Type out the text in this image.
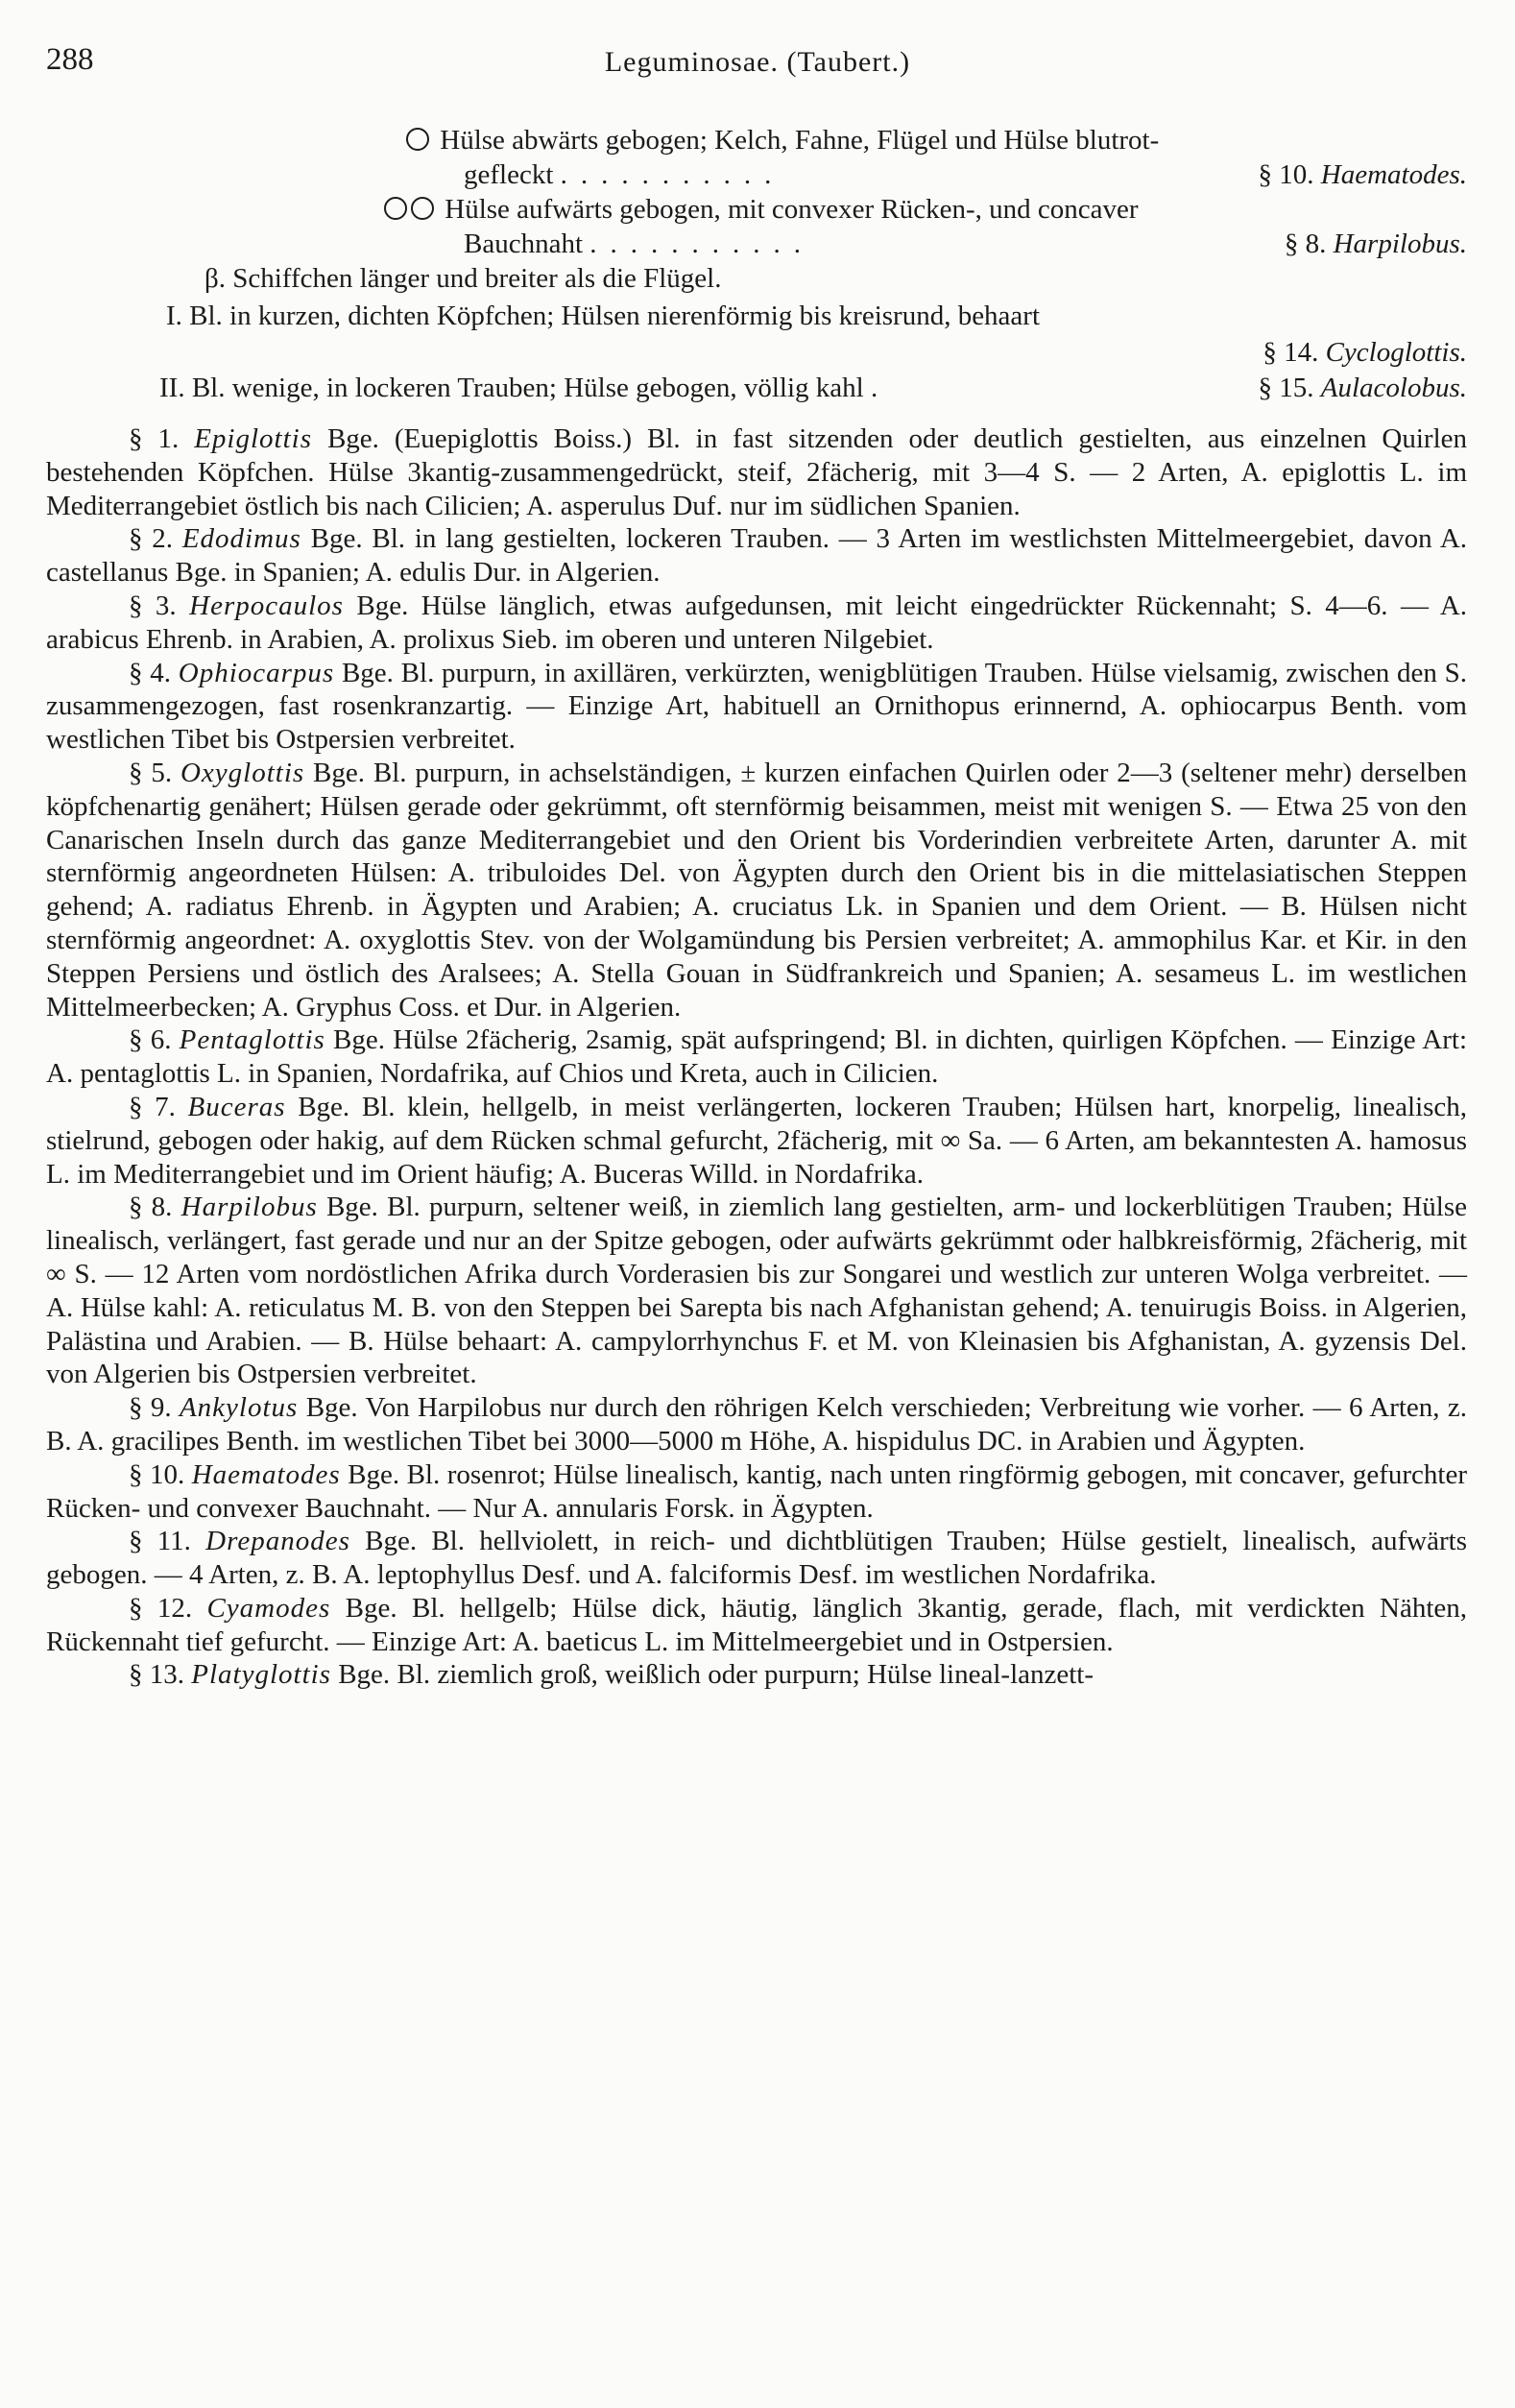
288	Leguminosae. (Taubert.)
Hülse abwärts gebogen; Kelch, Fahne, Flügel und Hülse blutrot-
gefleckt ...........	§ 10. Haematodes.
Hülse aufwärts gebogen, mit convexer Rücken-, und concaver
Bauchnaht ...........	§ 8. Harpilobus.
β. Schiffchen länger und breiter als die Flügel.
I. Bl. in kurzen, dichten Köpfchen; Hülsen nierenförmig bis kreisrund, behaart
§ 14. Cycloglottis.
II. Bl. wenige, in lockeren Trauben; Hülse gebogen, völlig kahl .	§ 15. Aulacolobus.

§ 1. Epiglottis Bge. (Euepiglottis Boiss.) Bl. in fast sitzenden oder deutlich gestielten, aus einzelnen Quirlen bestehenden Köpfchen. Hülse 3kantig-zusammengedrückt, steif, 2fächerig, mit 3—4 S. — 2 Arten, A. epiglottis L. im Mediterrangebiet östlich bis nach Cilicien; A. asperulus Duf. nur im südlichen Spanien.

§ 2. Edodimus Bge. Bl. in lang gestielten, lockeren Trauben. — 3 Arten im westlichsten Mittelmeergebiet, davon A. castellanus Bge. in Spanien; A. edulis Dur. in Algerien.

§ 3. Herpocaulos Bge. Hülse länglich, etwas aufgedunsen, mit leicht eingedrückter Rückennaht; S. 4—6. — A. arabicus Ehrenb. in Arabien, A. prolixus Sieb. im oberen und unteren Nilgebiet.

§ 4. Ophiocarpus Bge. Bl. purpurn, in axillären, verkürzten, wenigblütigen Trauben. Hülse vielsamig, zwischen den S. zusammengezogen, fast rosenkranzartig. — Einzige Art, habituell an Ornithopus erinnernd, A. ophiocarpus Benth. vom westlichen Tibet bis Ostpersien verbreitet.

§ 5. Oxyglottis Bge. Bl. purpurn, in achselständigen, ± kurzen einfachen Quirlen oder 2—3 (seltener mehr) derselben köpfchenartig genähert; Hülsen gerade oder gekrümmt, oft sternförmig beisammen, meist mit wenigen S. — Etwa 25 von den Canarischen Inseln durch das ganze Mediterrangebiet und den Orient bis Vorderindien verbreitete Arten, darunter A. mit sternförmig angeordneten Hülsen: A. tribuloides Del. von Ägypten durch den Orient bis in die mittelasiatischen Steppen gehend; A. radiatus Ehrenb. in Ägypten und Arabien; A. cruciatus Lk. in Spanien und dem Orient. — B. Hülsen nicht sternförmig angeordnet: A. oxyglottis Stev. von der Wolgamündung bis Persien verbreitet; A. ammophilus Kar. et Kir. in den Steppen Persiens und östlich des Aralsees; A. Stella Gouan in Südfrankreich und Spanien; A. sesameus L. im westlichen Mittelmeerbecken; A. Gryphus Coss. et Dur. in Algerien.

§ 6. Pentaglottis Bge. Hülse 2fächerig, 2samig, spät aufspringend; Bl. in dichten, quirligen Köpfchen. — Einzige Art: A. pentaglottis L. in Spanien, Nordafrika, auf Chios und Kreta, auch in Cilicien.

§ 7. Buceras Bge. Bl. klein, hellgelb, in meist verlängerten, lockeren Trauben; Hülsen hart, knorpelig, linealisch, stielrund, gebogen oder hakig, auf dem Rücken schmal gefurcht, 2fächerig, mit ∞ Sa. — 6 Arten, am bekanntesten A. hamosus L. im Mediterrangebiet und im Orient häufig; A. Buceras Willd. in Nordafrika.

§ 8. Harpilobus Bge. Bl. purpurn, seltener weiß, in ziemlich lang gestielten, arm- und lockerblütigen Trauben; Hülse linealisch, verlängert, fast gerade und nur an der Spitze gebogen, oder aufwärts gekrümmt oder halbkreisförmig, 2fächerig, mit ∞ S. — 12 Arten vom nordöstlichen Afrika durch Vorderasien bis zur Songarei und westlich zur unteren Wolga verbreitet. — A. Hülse kahl: A. reticulatus M. B. von den Steppen bei Sarepta bis nach Afghanistan gehend; A. tenuirugis Boiss. in Algerien, Palästina und Arabien. — B. Hülse behaart: A. campylorrhynchus F. et M. von Kleinasien bis Afghanistan, A. gyzensis Del. von Algerien bis Ostpersien verbreitet.

§ 9. Ankylotus Bge. Von Harpilobus nur durch den röhrigen Kelch verschieden; Verbreitung wie vorher. — 6 Arten, z. B. A. gracilipes Benth. im westlichen Tibet bei 3000—5000 m Höhe, A. hispidulus DC. in Arabien und Ägypten.

§ 10. Haematodes Bge. Bl. rosenrot; Hülse linealisch, kantig, nach unten ringförmig gebogen, mit concaver, gefurchter Rücken- und convexer Bauchnaht. — Nur A. annularis Forsk. in Ägypten.

§ 11. Drepanodes Bge. Bl. hellviolett, in reich- und dichtblütigen Trauben; Hülse gestielt, linealisch, aufwärts gebogen. — 4 Arten, z. B. A. leptophyllus Desf. und A. falciformis Desf. im westlichen Nordafrika.

§ 12. Cyamodes Bge. Bl. hellgelb; Hülse dick, häutig, länglich 3kantig, gerade, flach, mit verdickten Nähten, Rückennaht tief gefurcht. — Einzige Art: A. baeticus L. im Mittelmeergebiet und in Ostpersien.

§ 13. Platyglottis Bge. Bl. ziemlich groß, weißlich oder purpurn; Hülse lineal-lanzett-
